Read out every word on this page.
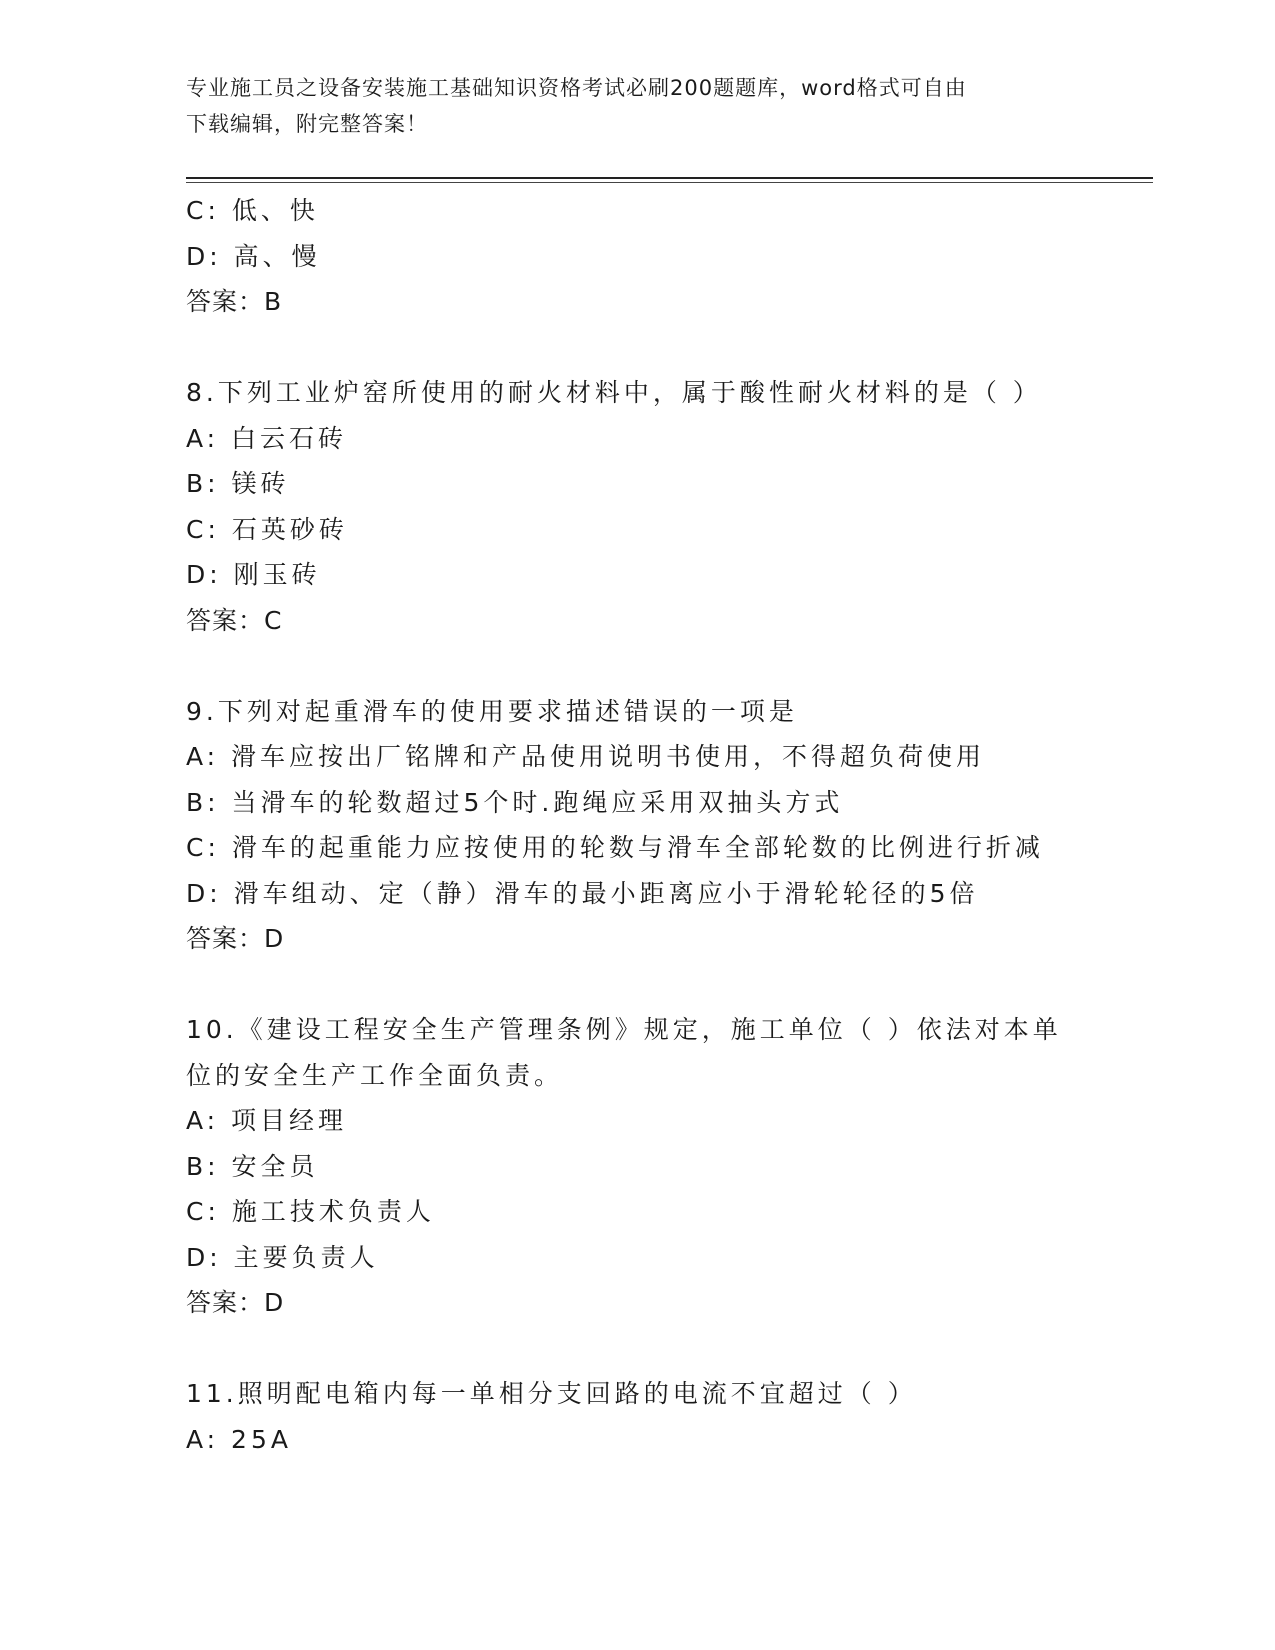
专业施工员之设备安装施工基础知识资格考试必刷200题题库，word格式可自由
下载编辑，附完整答案！
C: 低、快
D: 高、慢
答案：B
8.下列工业炉窑所使用的耐火材料中，属于酸性耐火材料的是（ ）
A: 白云石砖
B: 镁砖
C: 石英砂砖
D: 刚玉砖
答案：C
9.下列对起重滑车的使用要求描述错误的一项是
A: 滑车应按出厂铭牌和产品使用说明书使用，不得超负荷使用
B: 当滑车的轮数超过5个时.跑绳应采用双抽头方式
C: 滑车的起重能力应按使用的轮数与滑车全部轮数的比例进行折减
D: 滑车组动、定（静）滑车的最小距离应小于滑轮轮径的5倍
答案：D
10.《建设工程安全生产管理条例》规定，施工单位（ ）依法对本单
位的安全生产工作全面负责。
A: 项目经理
B: 安全员
C: 施工技术负责人
D: 主要负责人
答案：D
11.照明配电箱内每一单相分支回路的电流不宜超过（ ）
A: 25A
